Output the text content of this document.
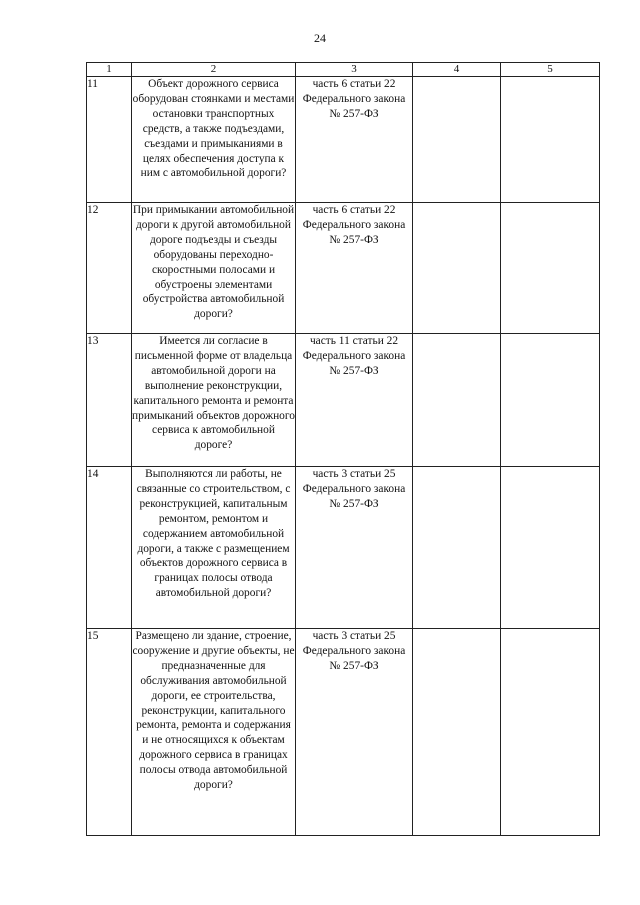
24
1	2	3	4	5
11	Объект дорожного сервиса оборудован стоянками и местами остановки транспортных средств, а также подъездами, съездами и примыканиями в целях обеспечения доступа к ним с автомобильной дороги?	часть 6 статьи 22 Федерального закона № 257-ФЗ		
12	При примыкании автомобильной дороги к другой автомобильной дороге подъезды и съезды оборудованы переходно-скоростными полосами и обустроены элементами обустройства автомобильной дороги?	часть 6 статьи 22 Федерального закона № 257-ФЗ		
13	Имеется ли согласие в письменной форме от владельца автомобильной дороги на выполнение реконструкции, капитального ремонта и ремонта примыканий объектов дорожного сервиса к автомобильной дороге?	часть 11 статьи 22 Федерального закона № 257-ФЗ		
14	Выполняются ли работы, не связанные со строительством, с реконструкцией, капитальным ремонтом, ремонтом и содержанием автомобильной дороги, а также с размещением объектов дорожного сервиса в границах полосы отвода автомобильной дороги?	часть 3 статьи 25 Федерального закона № 257-ФЗ		
15	Размещено ли здание, строение, сооружение и другие объекты, не предназначенные для обслуживания автомобильной дороги, ее строительства, реконструкции, капитального ремонта, ремонта и содержания и не относящихся к объектам дорожного сервиса в границах полосы отвода автомобильной дороги?	часть 3 статьи 25 Федерального закона № 257-ФЗ		
